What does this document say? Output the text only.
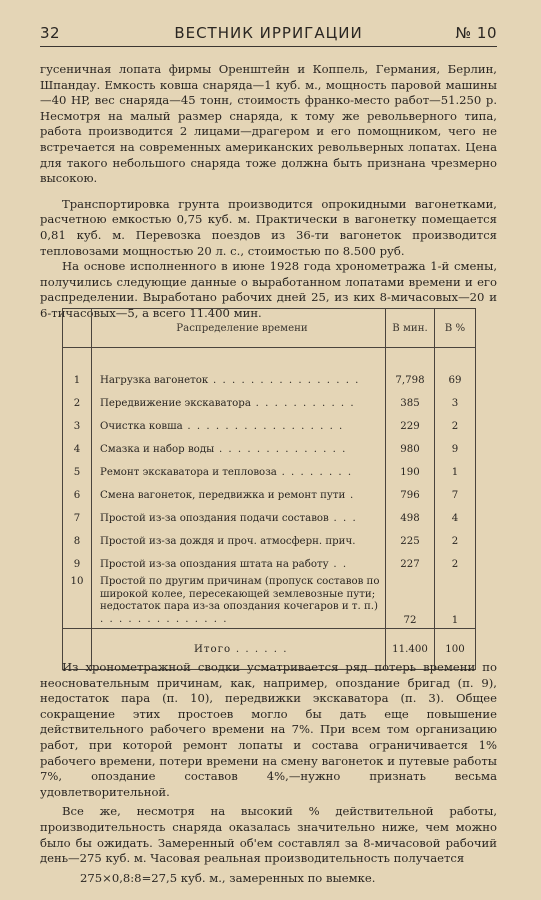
32	ВЕСТНИК ИРРИГАЦИИ	№ 10

гусеничная лопата фирмы Оренштейн и Коппель, Германия, Берлин, Шпандау. Емкость ковша снаряда—1 куб. м., мощность паровой машины—40 HP, вес снаряда—45 тонн, стоимость франко-место работ—51.250 р. Несмотря на малый размер снаряда, к тому же револьверного типа, работа производится 2 лицами—драгером и его помощником, чего не встречается на современных американских револьверных лопатах. Цена для такого небольшого снаряда тоже должна быть признана чрезмерно высокою.

Транспортировка грунта производится опрокидными вагонетками, расчетною емкостью 0,75 куб. м. Практически в вагонетку помещается 0,81 куб. м. Перевозка поездов из 36-ти вагонеток производится тепловозами мощностью 20 л. с., стоимостью по 8.500 руб.

На основе исполненного в июне 1928 года хронометража 1-й смены, получились следующие данные о выработанном лопатами времени и его распределении. Выработано рабочих дней 25, из ких 8-мичасовых—20 и 6-тичасовых—5, а всего 11.400 мин.

	Распределение времени	В мин.	В %
1	Нагрузка вагонеток . . . . . . . . . . . . . . . .	7,798	69
2	Передвижение экскаватора . . . . . . . . . . .	385	3
3	Очистка ковша . . . . . . . . . . . . . . . . .	229	2
4	Смазка и набор воды . . . . . . . . . . . . . .	980	9
5	Ремонт экскаватора и тепловоза . . . . . . . .	190	1
6	Смена вагонеток, передвижка и ремонт пути .	796	7
7	Простой из-за опоздания подачи составов . . .	498	4
8	Простой из-за дождя и проч. атмосферн. прич.	225	2
9	Простой из-за опоздания штата на работу . .	227	2
10	Простой по другим причинам (пропуск составов по широкой колее, пересекающей землевозные пути; недостаток пара из-за опоздания кочегаров и т. п.) . . . . . . . . . . . . . .	72	1
	Итого . . . . . .	11.400	100

Из хронометражной сводки усматривается ряд потерь времени по неосновательным причинам, как, например, опоздание бригад (п. 9), недостаток пара (п. 10), передвижки экскаватора (п. 3). Общее сокращение этих простоев могло бы дать еще повышение действительного рабочего времени на 7%. При всем том организацию работ, при которой ремонт лопаты и состава ограничивается 1% рабочего времени, потери времени на смену вагонеток и путевые работы 7%, опоздание составов 4%,—нужно признать весьма удовлетворительной.

Все же, несмотря на высокий % действительной работы, производительность снаряда оказалась значительно ниже, чем можно было бы ожидать. Замеренный об'ем составлял за 8-мичасовой рабочий день—275 куб. м. Часовая реальная производительность получается

275×0,8:8=27,5 куб. м., замеренных по выемке.
